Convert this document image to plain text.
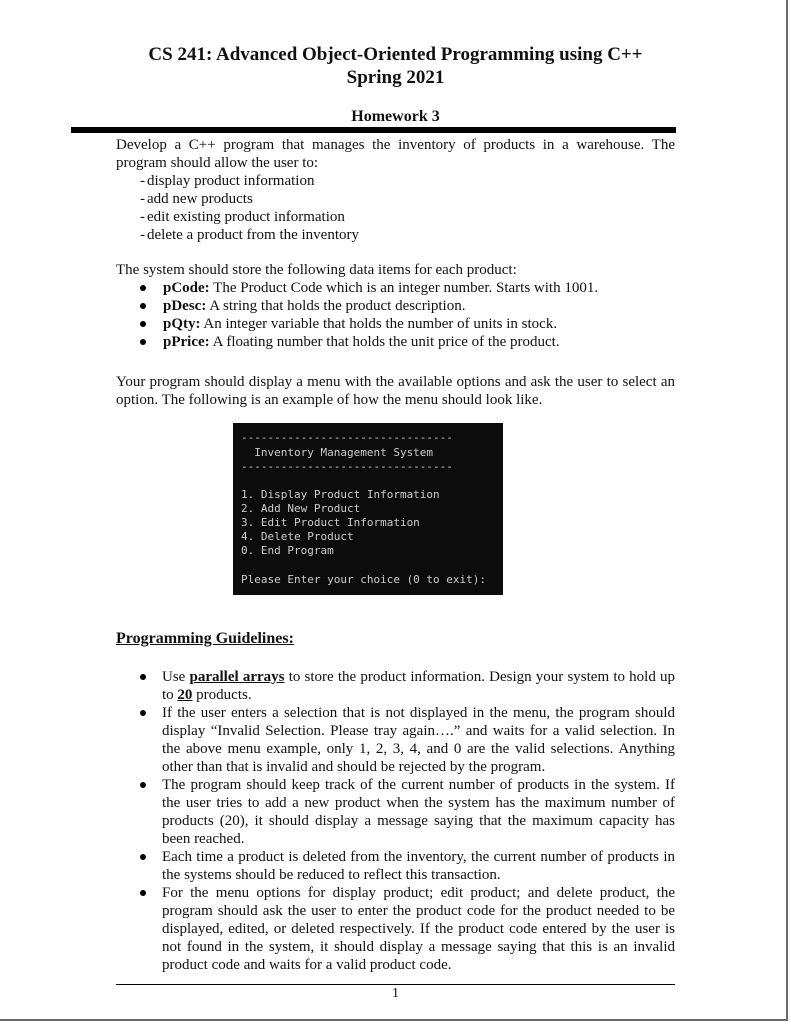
CS 241: Advanced Object-Oriented Programming using C++
Spring 2021
Homework 3
Develop a C++ program that manages the inventory of products in a warehouse. The program should allow the user to:
- display product information
- add new products
- edit existing product information
- delete a product from the inventory
The system should store the following data items for each product:
pCode: The Product Code which is an integer number. Starts with 1001.
pDesc: A string that holds the product description.
pQty: An integer variable that holds the number of units in stock.
pPrice: A floating number that holds the unit price of the product.
Your program should display a menu with the available options and ask the user to select an option. The following is an example of how the menu should look like.
--------------------------------
Inventory Management System
--------------------------------
1. Display Product Information
2. Add New Product
3. Edit Product Information
4. Delete Product
0. End Program
Please Enter your choice (0 to exit):
Programming Guidelines:
Use parallel arrays to store the product information. Design your system to hold up to 20 products.
If the user enters a selection that is not displayed in the menu, the program should display “Invalid Selection. Please tray again….” and waits for a valid selection. In the above menu example, only 1, 2, 3, 4, and 0 are the valid selections. Anything other than that is invalid and should be rejected by the program.
The program should keep track of the current number of products in the system. If the user tries to add a new product when the system has the maximum number of products (20), it should display a message saying that the maximum capacity has been reached.
Each time a product is deleted from the inventory, the current number of products in the systems should be reduced to reflect this transaction.
For the menu options for display product; edit product; and delete product, the program should ask the user to enter the product code for the product needed to be displayed, edited, or deleted respectively. If the product code entered by the user is not found in the system, it should display a message saying that this is an invalid product code and waits for a valid product code.
1
